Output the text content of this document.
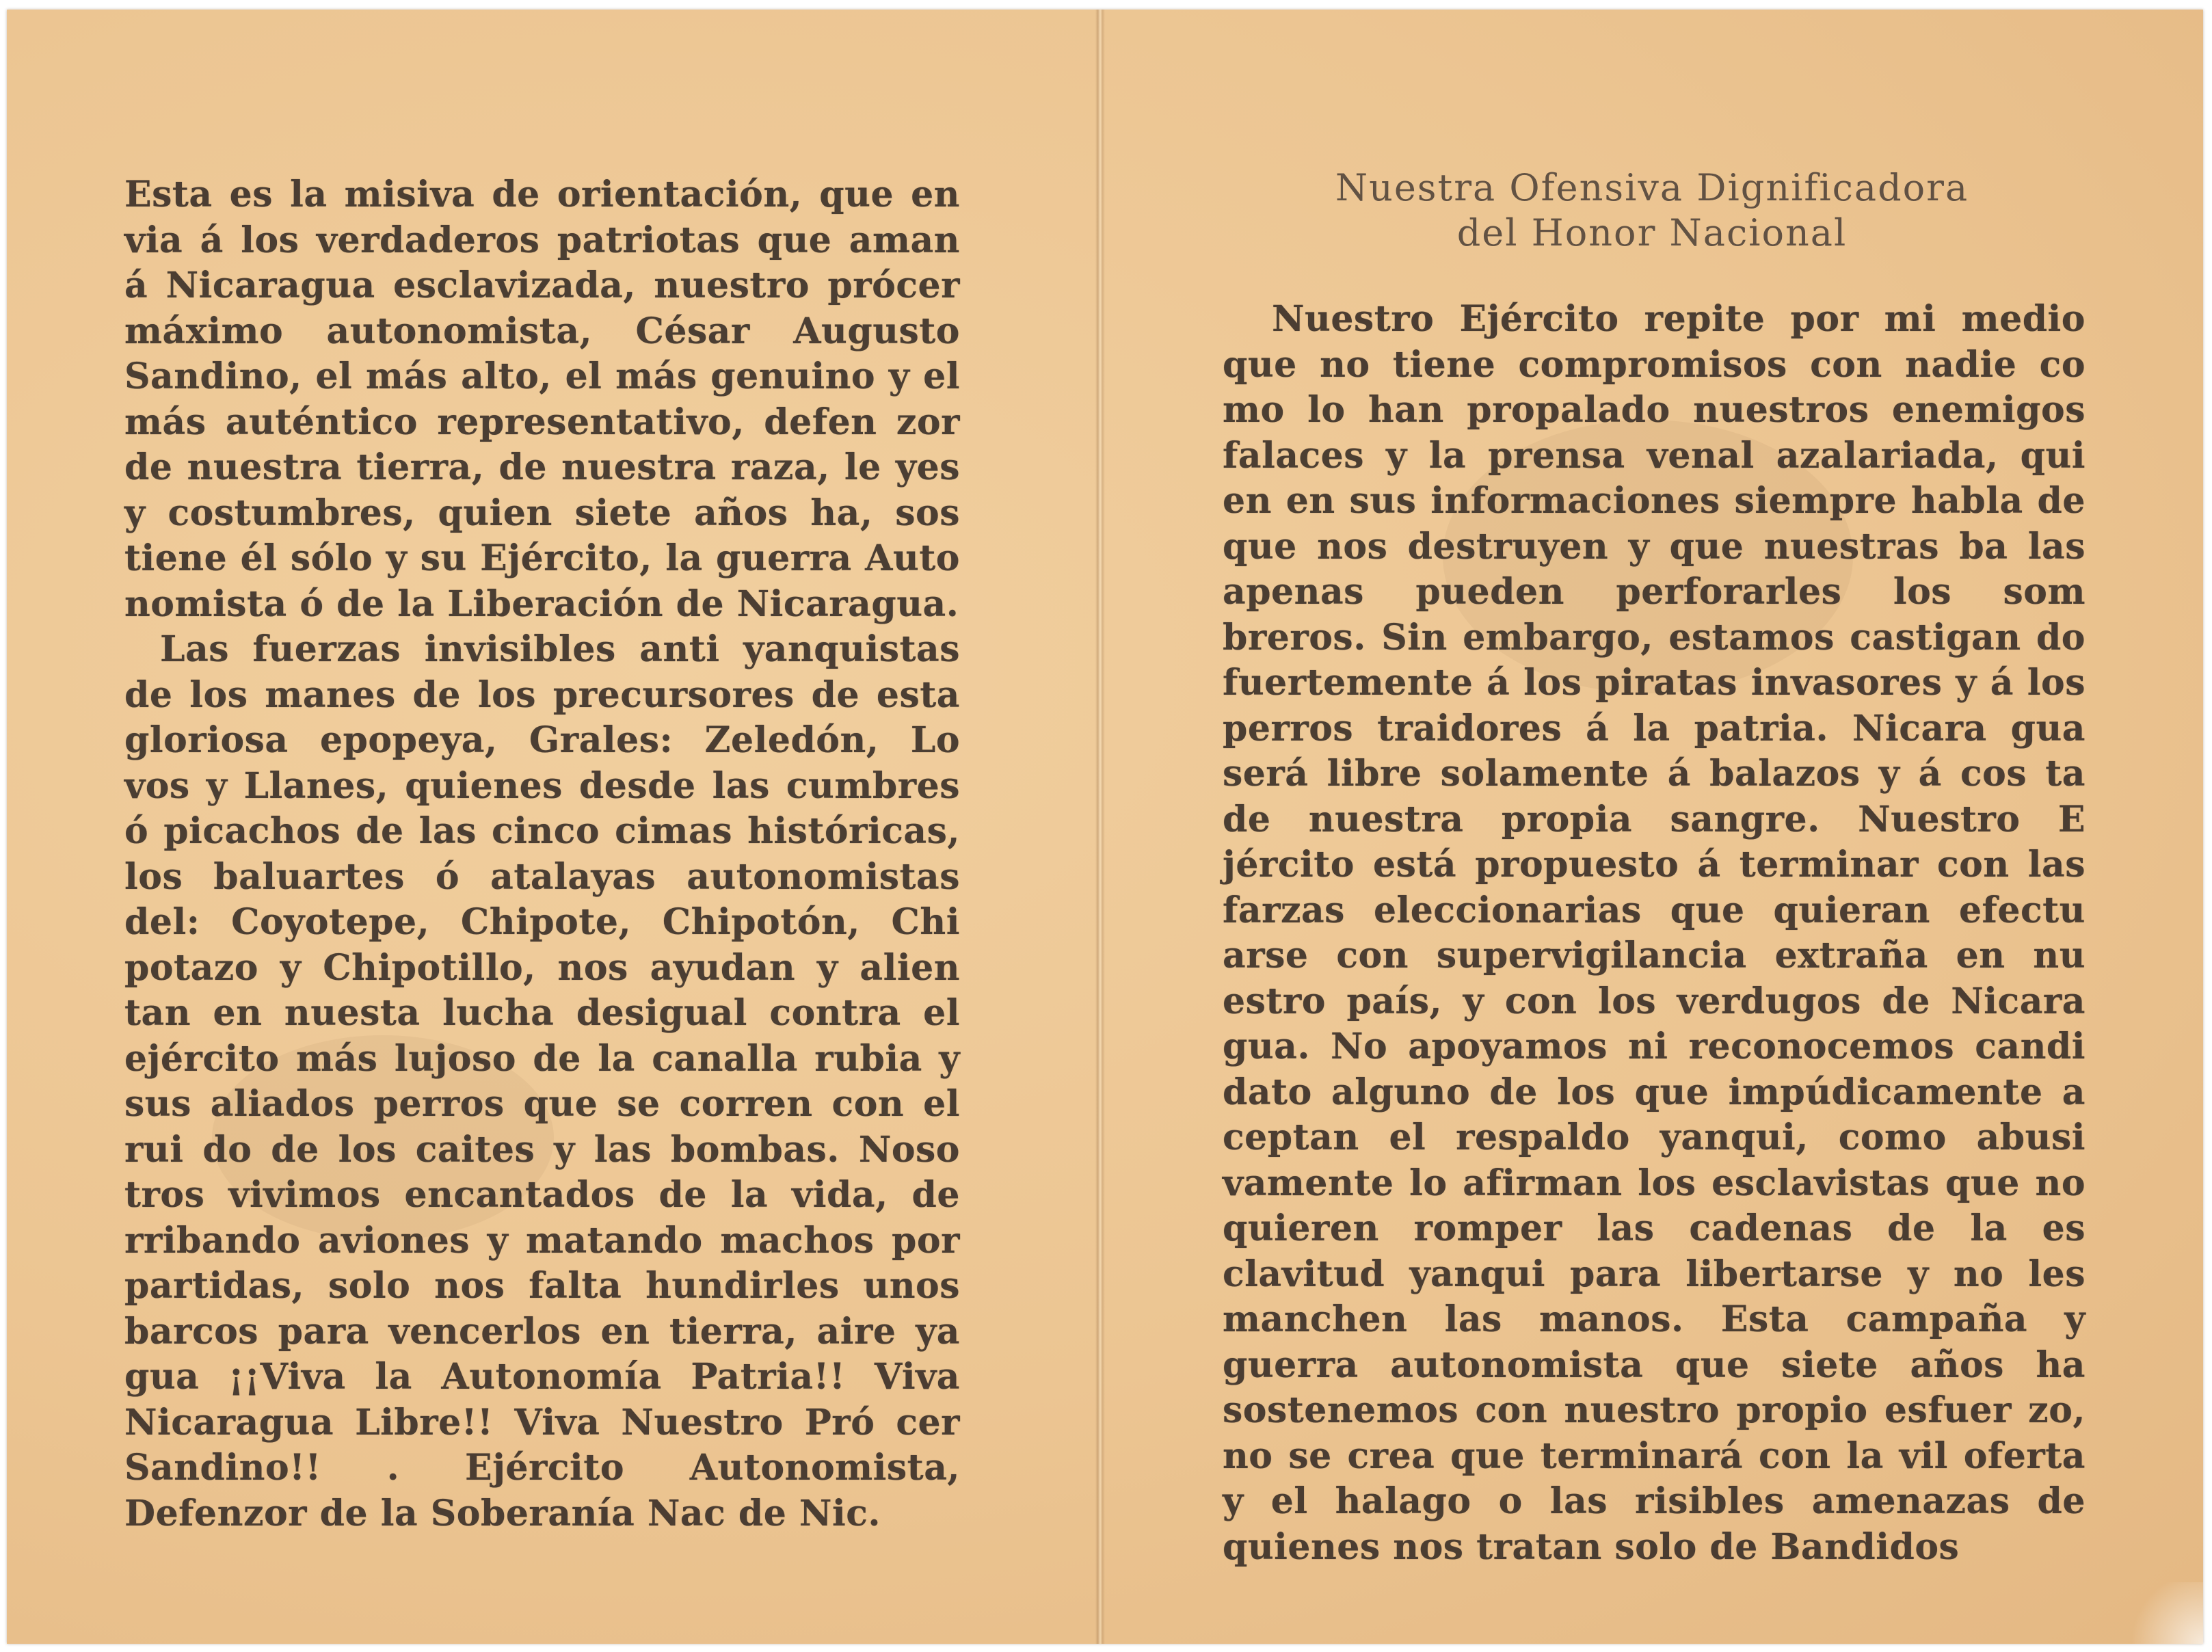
Esta es la misiva de orientación, que en via á los verdaderos patriotas que aman á Nicaragua esclavizada, nuestro prócer máximo autonomista, César Augusto Sandino, el más alto, el más genuino y el más auténtico representativo, defen zor de nuestra tierra, de nuestra raza, le yes y costumbres, quien siete años ha, sos tiene él sólo y su Ejército, la guerra Auto nomista ó de la Liberación de Nicaragua.

Las fuerzas invisibles anti yanquistas de los manes de los precursores de esta gloriosa epopeya, Grales: Zeledón, Lo vos y Llanes, quienes desde las cumbres ó picachos de las cinco cimas históricas, los baluartes ó atalayas autonomistas del: Coyotepe, Chipote, Chipotón, Chi potazo y Chipotillo, nos ayudan y alien tan en nuesta lucha desigual contra el ejército más lujoso de la canalla rubia y sus aliados perros que se corren con el rui do de los caites y las bombas. Noso tros vivimos encantados de la vida, de rribando aviones y matando machos por partidas, solo nos falta hundirles unos barcos para vencerlos en tierra, aire ya gua ¡¡Viva la Autonomía Patria!! Viva Nicaragua Libre!! Viva Nuestro Pró cer Sandino!! . Ejército Autonomista, Defenzor de la Soberanía Nac de Nic.

Nuestra Ofensiva Dignificadora
del Honor Nacional

Nuestro Ejército repite por mi medio que no tiene compromisos con nadie co mo lo han propalado nuestros enemigos falaces y la prensa venal azalariada, qui en en sus informaciones siempre habla de que nos destruyen y que nuestras ba las apenas pueden perforarles los som breros. Sin embargo, estamos castigan do fuertemente á los piratas invasores y á los perros traidores á la patria. Nicara gua será libre solamente á balazos y á cos ta de nuestra propia sangre. Nuestro E jército está propuesto á terminar con las farzas eleccionarias que quieran efectu arse con supervigilancia extraña en nu estro país, y con los verdugos de Nicara gua. No apoyamos ni reconocemos candi dato alguno de los que impúdicamente a ceptan el respaldo yanqui, como abusi vamente lo afirman los esclavistas que no quieren romper las cadenas de la es clavitud yanqui para libertarse y no les manchen las manos. Esta campaña y guerra autonomista que siete años ha sostenemos con nuestro propio esfuer zo, no se crea que terminará con la vil oferta y el halago o las risibles amenazas de quienes nos tratan solo de Bandidos
